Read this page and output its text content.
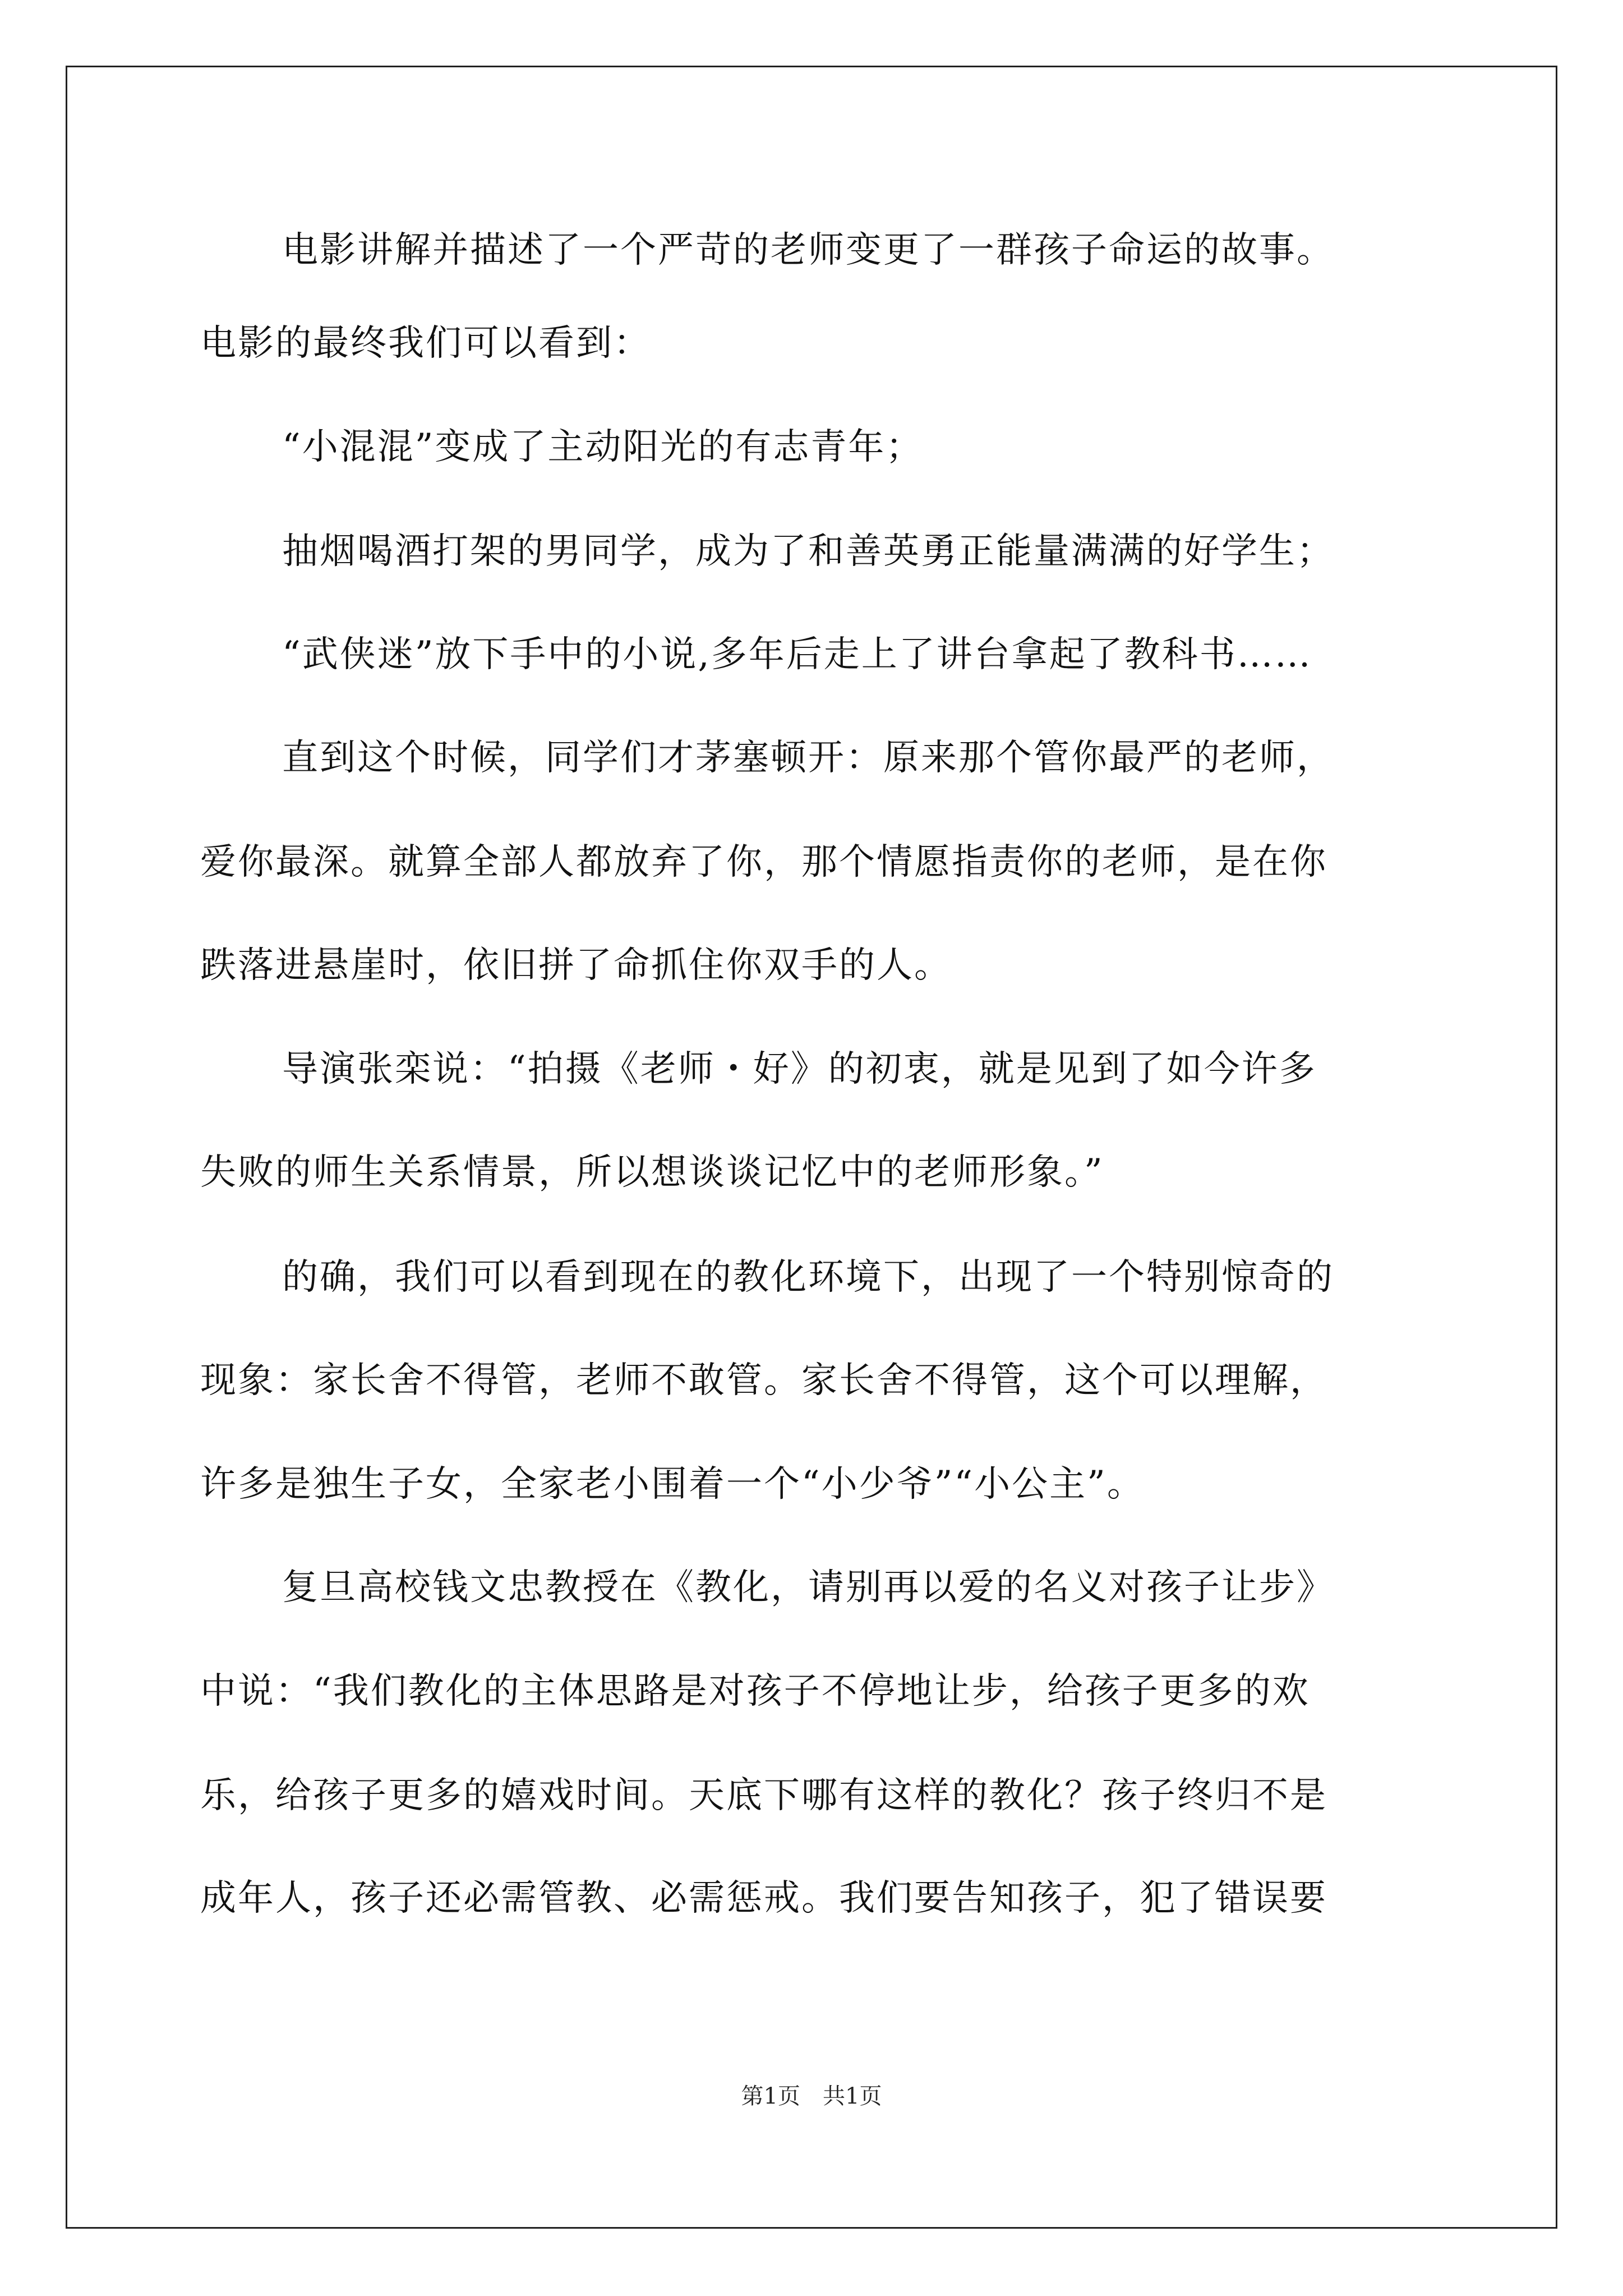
电影讲解并描述了一个严苛的老师变更了一群孩子命运的故事。
电影的最终我们可以看到：
“小混混”变成了主动阳光的有志青年；
抽烟喝酒打架的男同学，成为了和善英勇正能量满满的好学生；
“武侠迷”放下手中的小说,多年后走上了讲台拿起了教科书……
直到这个时候，同学们才茅塞顿开：原来那个管你最严的老师，
爱你最深。就算全部人都放弃了你，那个情愿指责你的老师，是在你
跌落进悬崖时，依旧拼了命抓住你双手的人。
导演张栾说：“拍摄《老师・好》的初衷，就是见到了如今许多
失败的师生关系情景，所以想谈谈记忆中的老师形象。”
的确，我们可以看到现在的教化环境下，出现了一个特别惊奇的
现象：家长舍不得管，老师不敢管。家长舍不得管，这个可以理解，
许多是独生子女，全家老小围着一个“小少爷”“小公主”。
复旦高校钱文忠教授在《教化，请别再以爱的名义对孩子让步》
中说：“我们教化的主体思路是对孩子不停地让步，给孩子更多的欢
乐，给孩子更多的嬉戏时间。天底下哪有这样的教化？孩子终归不是
成年人，孩子还必需管教、必需惩戒。我们要告知孩子，犯了错误要
第1页　共1页
